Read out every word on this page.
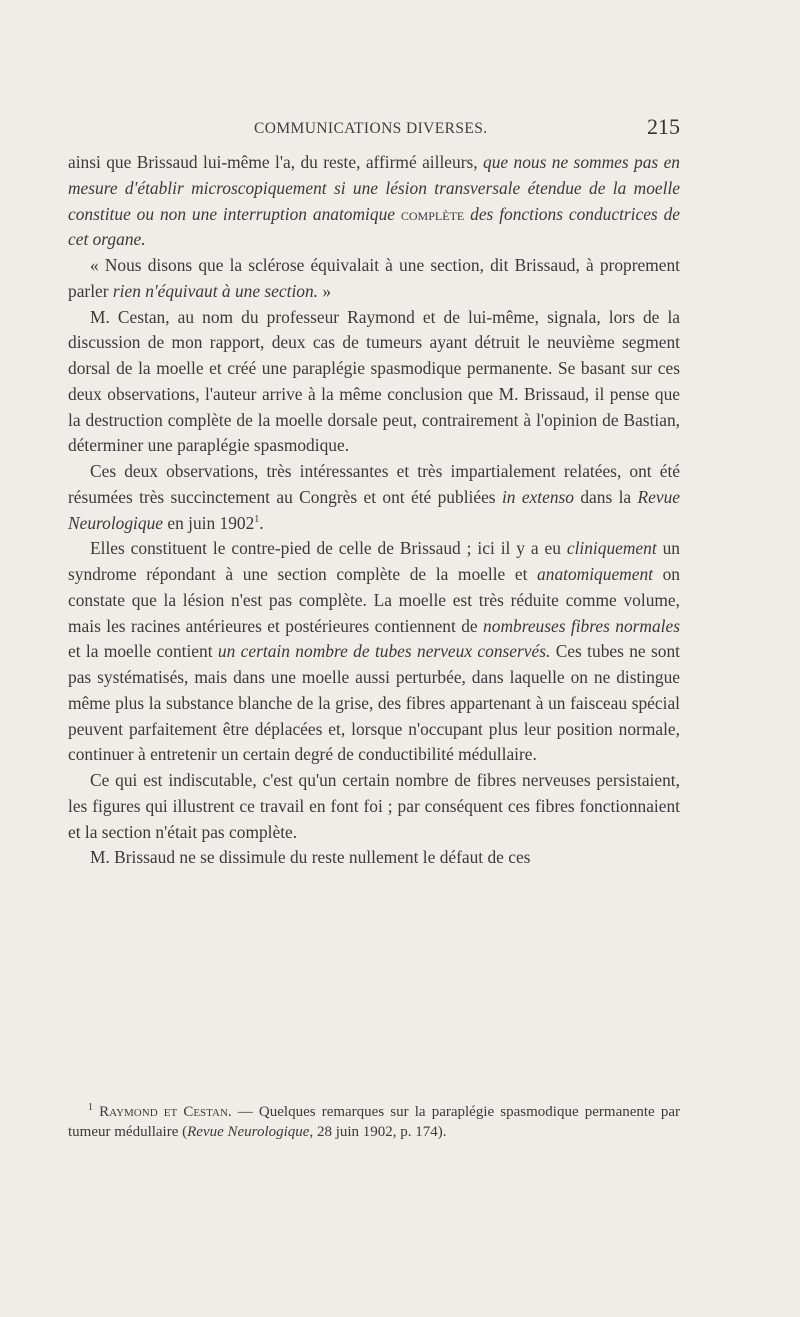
COMMUNICATIONS DIVERSES.	215

ainsi que Brissaud lui-même l'a, du reste, affirmé ailleurs, que nous ne sommes pas en mesure d'établir microscopiquement si une lésion transversale étendue de la moelle constitue ou non une interruption anatomique complète des fonctions conductrices de cet organe.

« Nous disons que la sclérose équivalait à une section, dit Brissaud, à proprement parler rien n'équivaut à une section. »

M. Cestan, au nom du professeur Raymond et de lui-même, signala, lors de la discussion de mon rapport, deux cas de tumeurs ayant détruit le neuvième segment dorsal de la moelle et créé une paraplégie spasmodique permanente. Se basant sur ces deux observations, l'auteur arrive à la même conclusion que M. Brissaud, il pense que la destruction complète de la moelle dorsale peut, contrairement à l'opinion de Bastian, déterminer une paraplégie spasmodique.

Ces deux observations, très intéressantes et très impartialement relatées, ont été résumées très succinctement au Congrès et ont été publiées in extenso dans la Revue Neurologique en juin 1902$^1$.

Elles constituent le contre-pied de celle de Brissaud ; ici il y a eu cliniquement un syndrome répondant à une section complète de la moelle et anatomiquement on constate que la lésion n'est pas complète. La moelle est très réduite comme volume, mais les racines antérieures et postérieures contiennent de nombreuses fibres normales et la moelle contient un certain nombre de tubes nerveux conservés. Ces tubes ne sont pas systématisés, mais dans une moelle aussi perturbée, dans laquelle on ne distingue même plus la substance blanche de la grise, des fibres appartenant à un faisceau spécial peuvent parfaitement être déplacées et, lorsque n'occupant plus leur position normale, continuer à entretenir un certain degré de conductibilité médullaire.

Ce qui est indiscutable, c'est qu'un certain nombre de fibres nerveuses persistaient, les figures qui illustrent ce travail en font foi ; par conséquent ces fibres fonctionnaient et la section n'était pas complète.

M. Brissaud ne se dissimule du reste nullement le défaut de ces

$^1$ Raymond et Cestan. — Quelques remarques sur la paraplégie spasmodique permanente par tumeur médullaire (Revue Neurologique, 28 juin 1902, p. 174).
